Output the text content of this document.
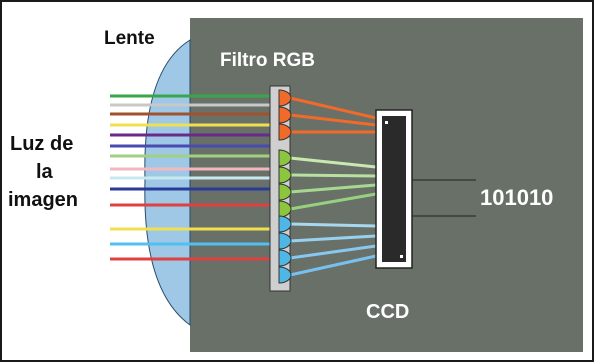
Lente
Filtro RGB
Luz de
la
imagen
CCD
101010
